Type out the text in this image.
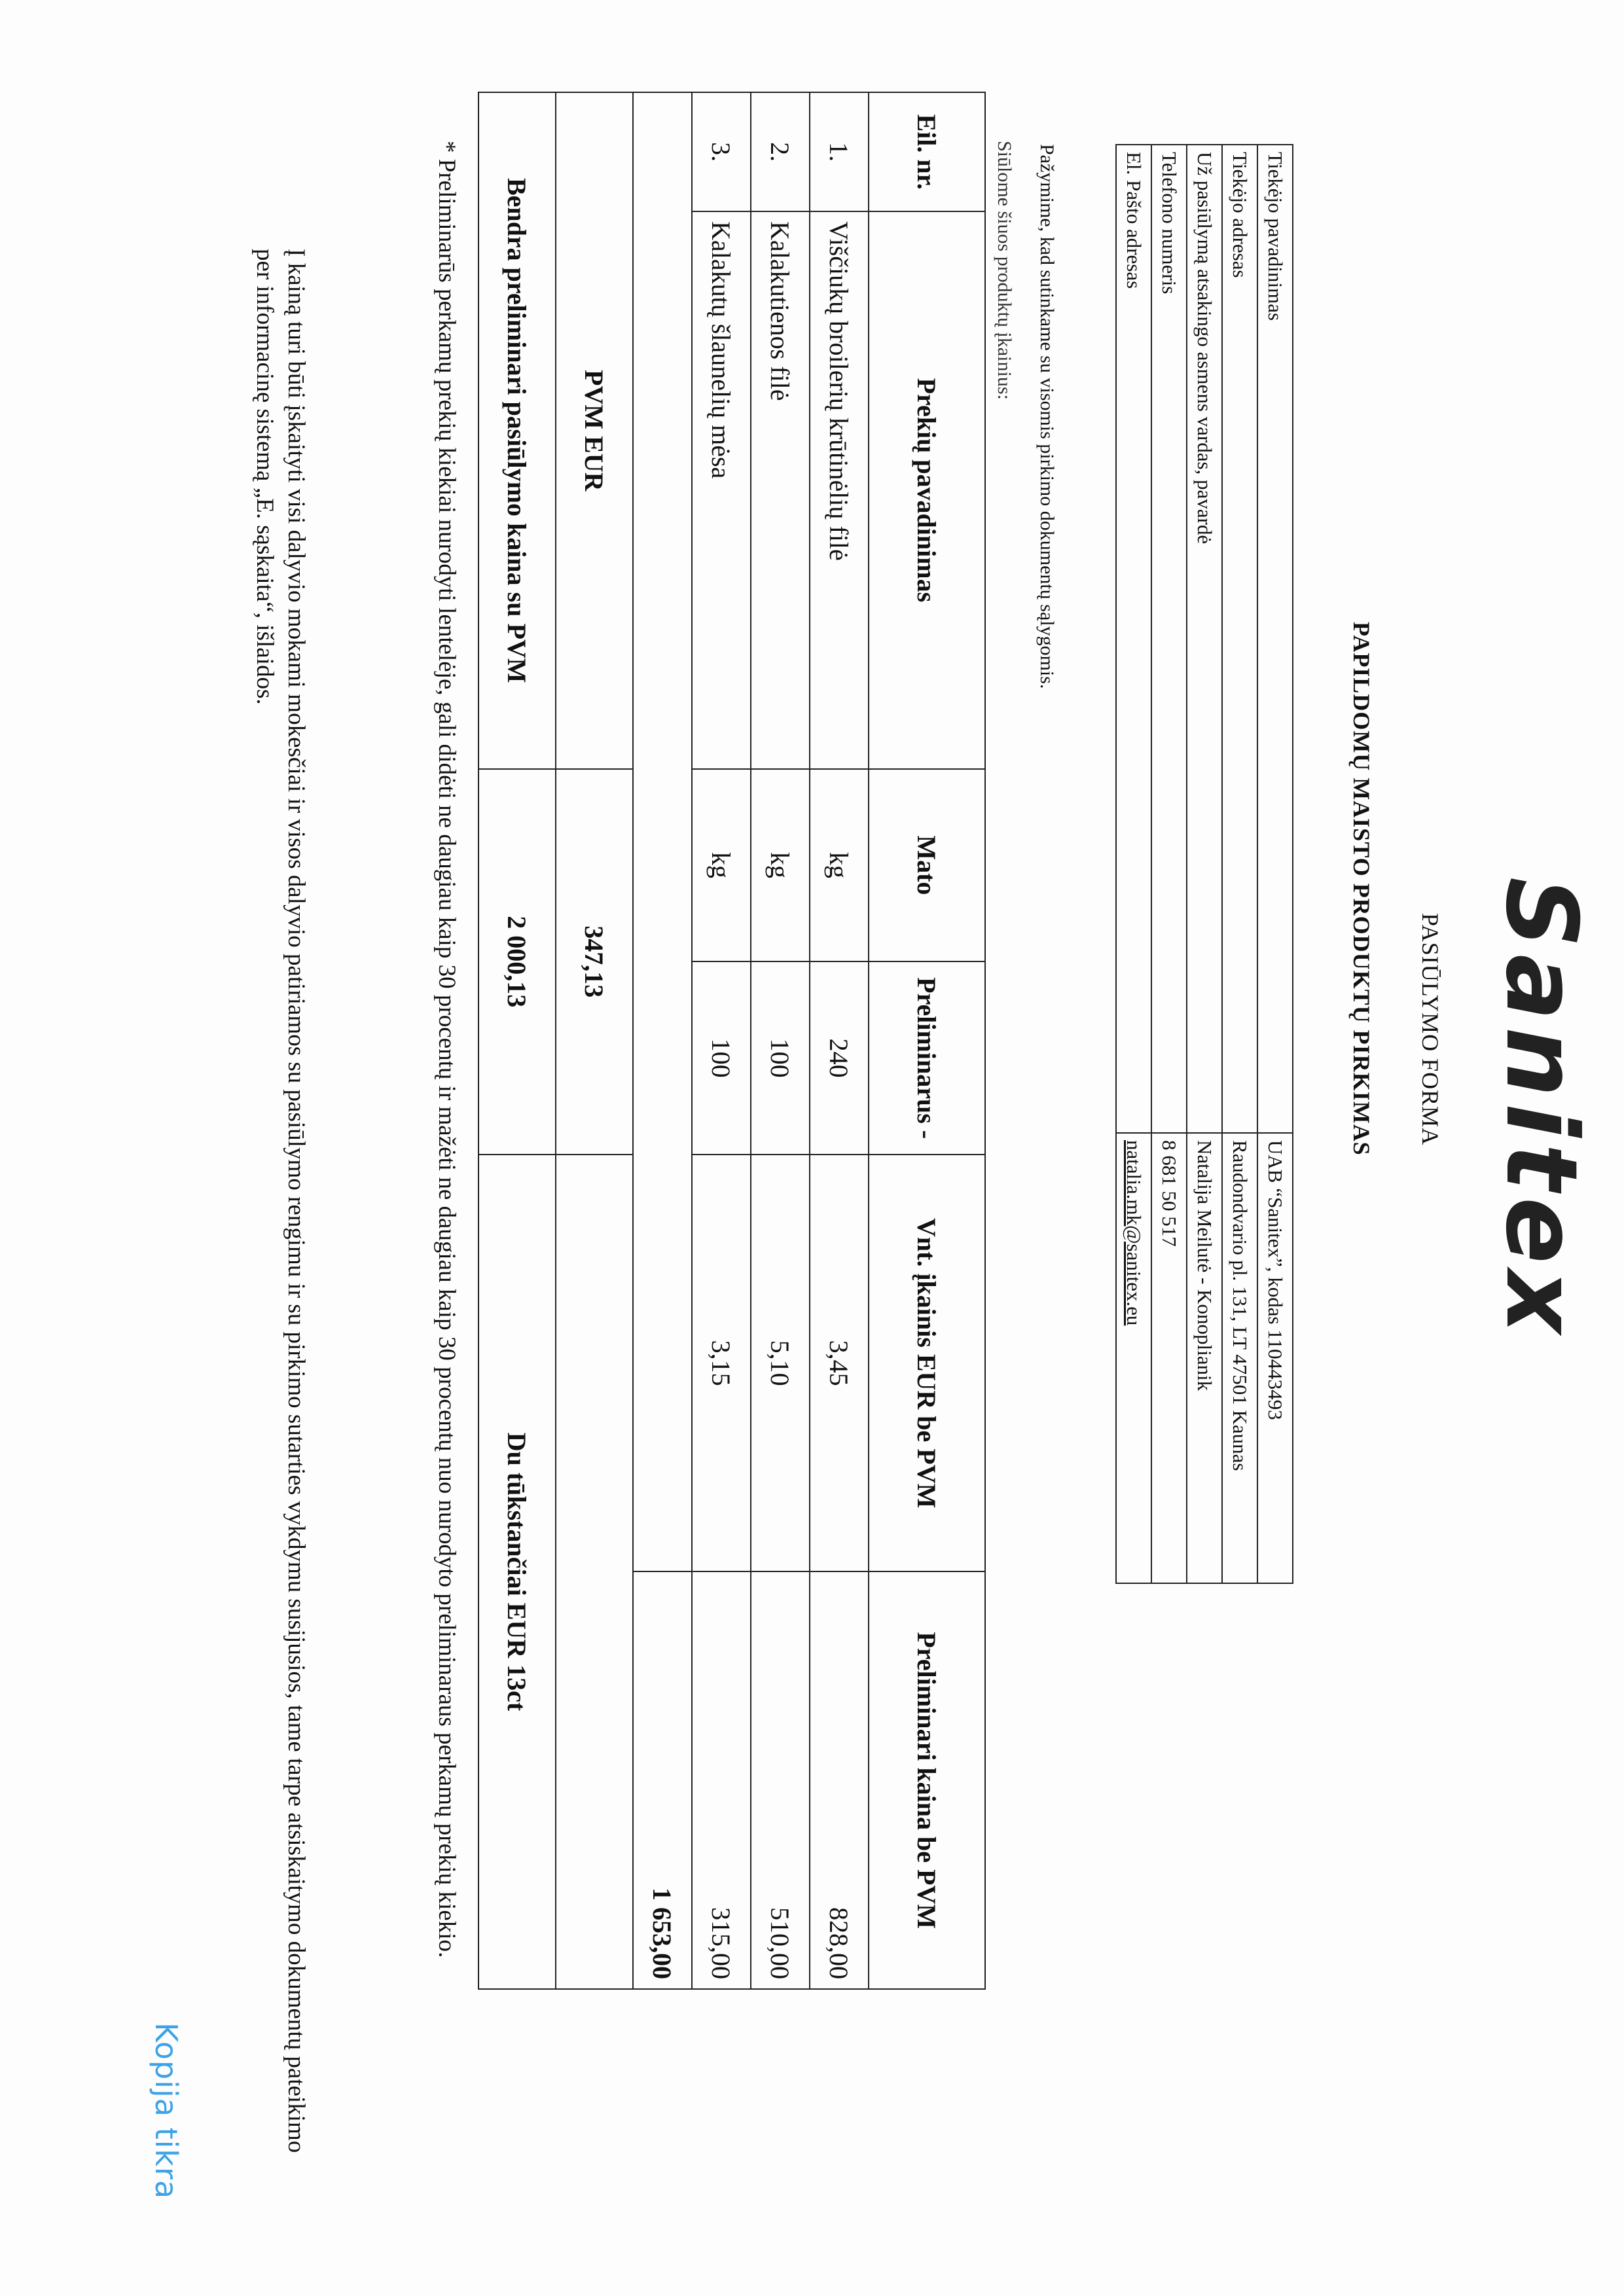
Sanitex
PASIŪLYMO FORMA
PAPILDOMŲ MAISTO PRODUKTŲ PIRKIMAS
Tiekėjo pavadinimas	UAB “Sanitex”, kodas 110443493
Tiekėjo adresas	Raudondvario pl. 131, LT 47501 Kaunas
Už pasiūlymą atsakingo asmens vardas, pavardė	Natalija Meilutė - Konoplianik
Telefono numeris	8 681 50 517
El. Pašto adresas	natalia.mk@sanitex.eu
Pažymime, kad sutinkame su visomis pirkimo dokumentų sąlygomis.
Siūlome šiuos produktų įkainius:
Eil. nr.	Prekių pavadinimas	Mato	Preliminarus -	Vnt. įkainis EUR be PVM	Preliminari kaina be PVM
1.	Viščiukų broilerių krūtinėlių filė	kg	240	3,45	828,00
2.	Kalakutienos filė	kg	100	5,10	510,00
3.	Kalakutų šlaunelių mėsa	kg	100	3,15	315,00
					1 653,00
PVM EUR		347,13			
Bendra preliminari pasiūlymo kaina su PVM		2 000,13		Du tūkstančiai EUR 13ct	
* Preliminarūs perkamų prekių kiekiai nurodyti lentelėje, gali didėti ne daugiau kaip 30 procentų ir mažėti ne daugiau kaip 30 procentų nuo nurodyto preliminaraus perkamų prekių kiekio.
Į kainą turi būti įskaityti visi dalyvio mokami mokesčiai ir visos dalyvio patiriamos su pasiūlymo rengimu ir su pirkimo sutarties vykdymu susijusios, tame tarpe atsiskaitymo dokumentų pateikimo per informacinę sistemą „E. sąskaita“, išlaidos.
Kopija tikra
